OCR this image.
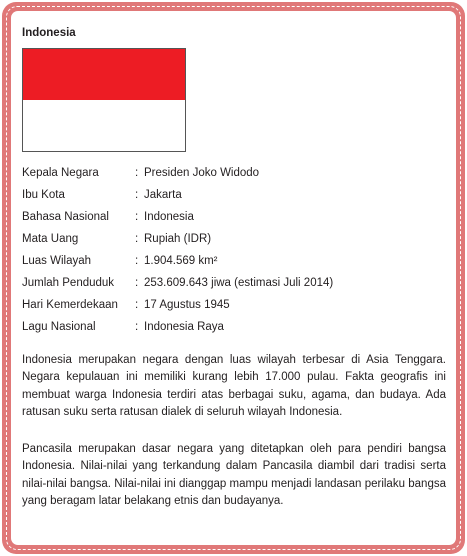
Indonesia
Kepala Negara	: Presiden Joko Widodo
Ibu Kota	: Jakarta
Bahasa Nasional	: Indonesia
Mata Uang	: Rupiah (IDR)
Luas Wilayah	: 1.904.569 km²
Jumlah Penduduk	: 253.609.643 jiwa (estimasi Juli 2014)
Hari Kemerdekaan	: 17 Agustus 1945
Lagu Nasional	: Indonesia Raya

Indonesia merupakan negara dengan luas wilayah terbesar di Asia Tenggara. Negara kepulauan ini memiliki kurang lebih 17.000 pulau. Fakta geografis ini membuat warga Indonesia terdiri atas berbagai suku, agama, dan budaya. Ada ratusan suku serta ratusan dialek di seluruh wilayah Indonesia.

Pancasila merupakan dasar negara yang ditetapkan oleh para pendiri bangsa Indonesia. Nilai-nilai yang terkandung dalam Pancasila diambil dari tradisi serta nilai-nilai bangsa. Nilai-nilai ini dianggap mampu menjadi landasan perilaku bangsa yang beragam latar belakang etnis dan budayanya.
